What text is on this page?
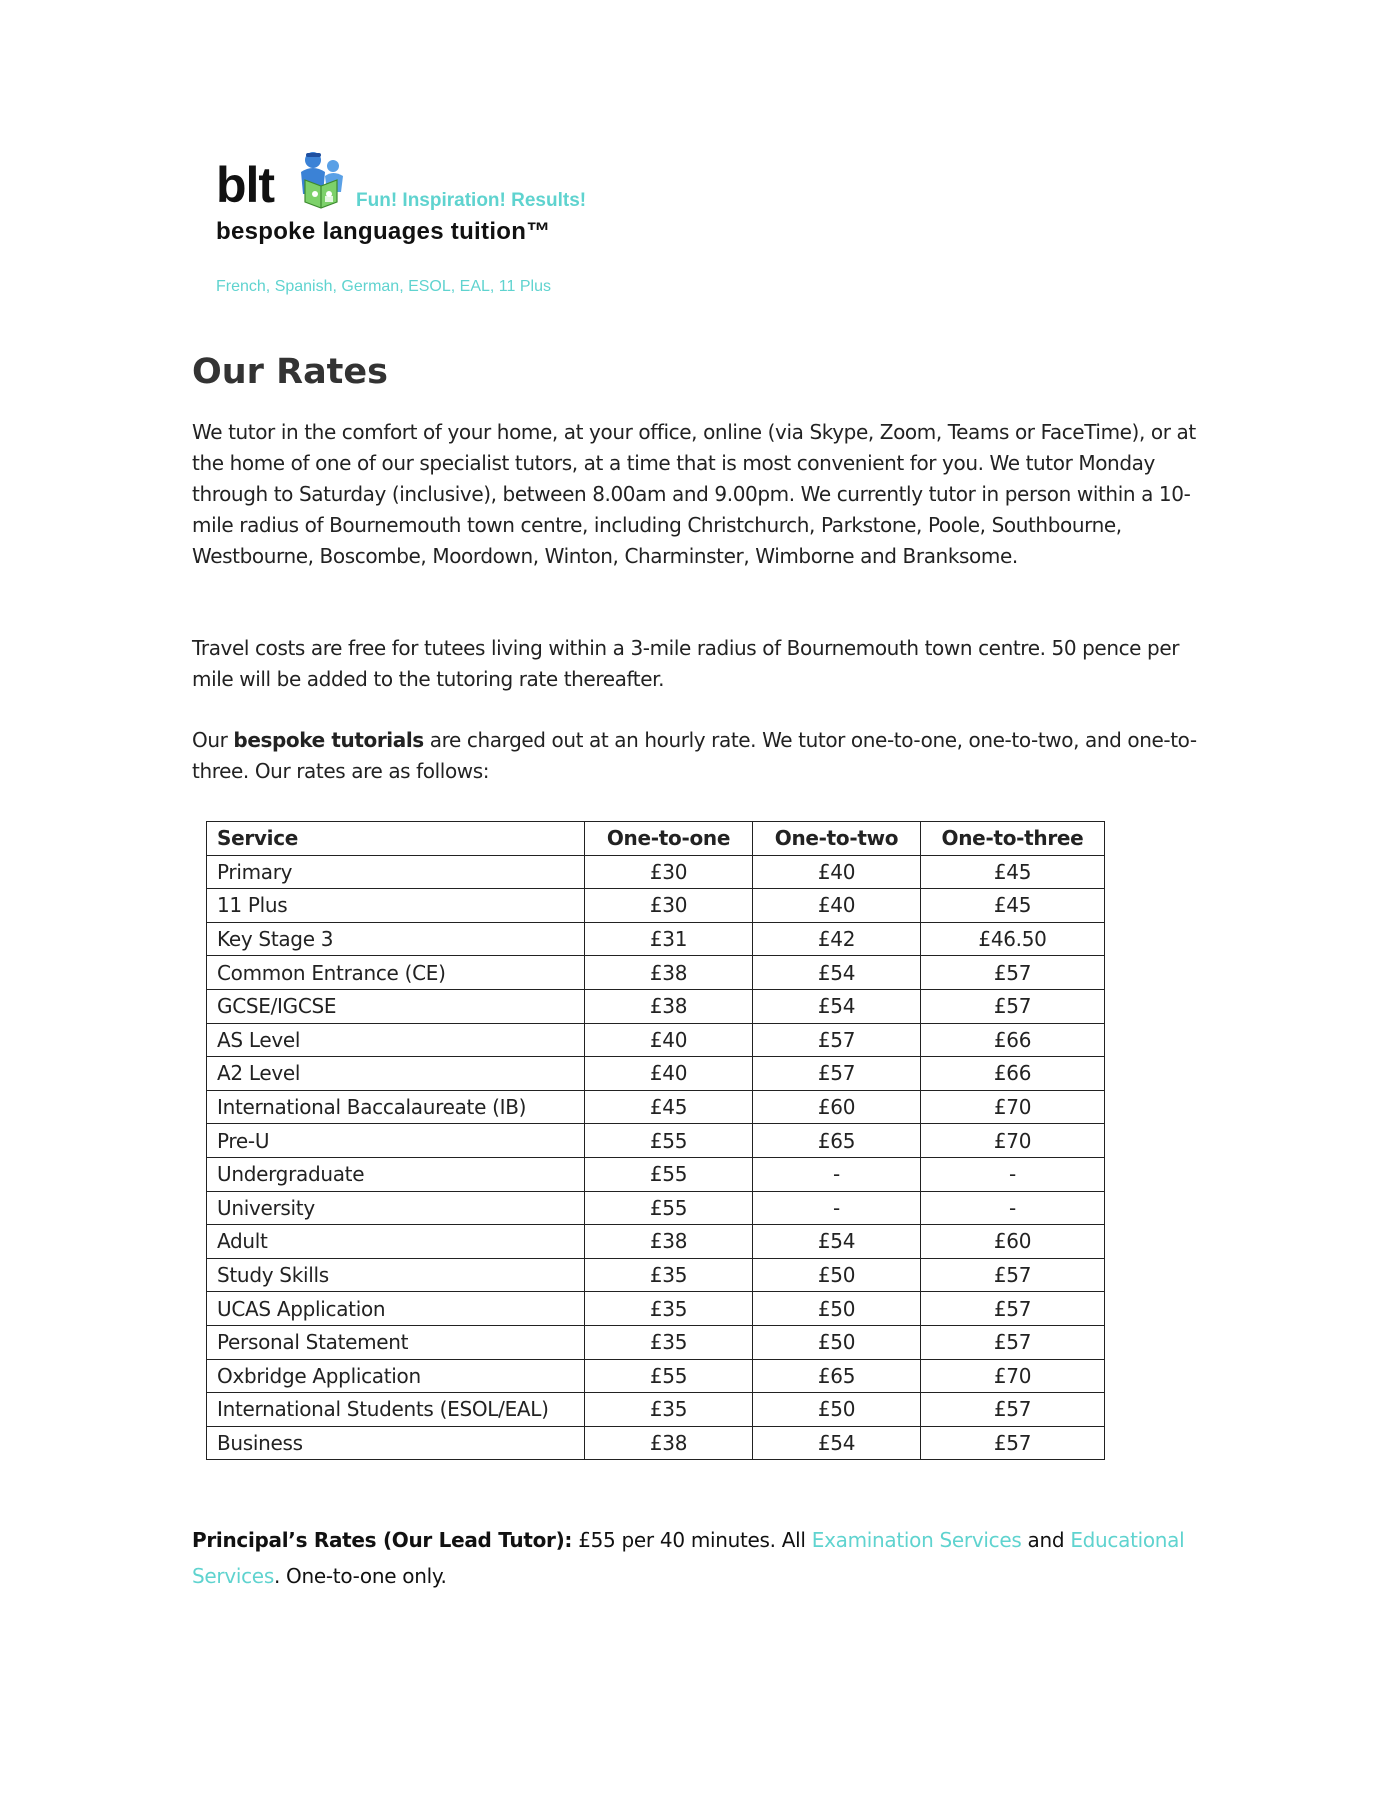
blt	Fun! Inspiration! Results!
bespoke languages tuition™
French, Spanish, German, ESOL, EAL, 11 Plus
Our Rates

We tutor in the comfort of your home, at your office, online (via Skype, Zoom, Teams or FaceTime), or at the home of one of our specialist tutors, at a time that is most convenient for you. We tutor Monday through to Saturday (inclusive), between 8.00am and 9.00pm. We currently tutor in person within a 10-mile radius of Bournemouth town centre, including Christchurch, Parkstone, Poole, Southbourne, Westbourne, Boscombe, Moordown, Winton, Charminster, Wimborne and Branksome.

Travel costs are free for tutees living within a 3-mile radius of Bournemouth town centre. 50 pence per mile will be added to the tutoring rate thereafter.

Our bespoke tutorials are charged out at an hourly rate. We tutor one-to-one, one-to-two, and one-to-three. Our rates are as follows:

Service	One-to-one	One-to-two	One-to-three
Primary	£30	£40	£45
11 Plus	£30	£40	£45
Key Stage 3	£31	£42	£46.50
Common Entrance (CE)	£38	£54	£57
GCSE/IGCSE	£38	£54	£57
AS Level	£40	£57	£66
A2 Level	£40	£57	£66
International Baccalaureate (IB)	£45	£60	£70
Pre-U	£55	£65	£70
Undergraduate	£55	-	-
University	£55	-	-
Adult	£38	£54	£60
Study Skills	£35	£50	£57
UCAS Application	£35	£50	£57
Personal Statement	£35	£50	£57
Oxbridge Application	£55	£65	£70
International Students (ESOL/EAL)	£35	£50	£57
Business	£38	£54	£57

Principal’s Rates (Our Lead Tutor): £55 per 40 minutes. All Examination Services and Educational Services. One-to-one only.
